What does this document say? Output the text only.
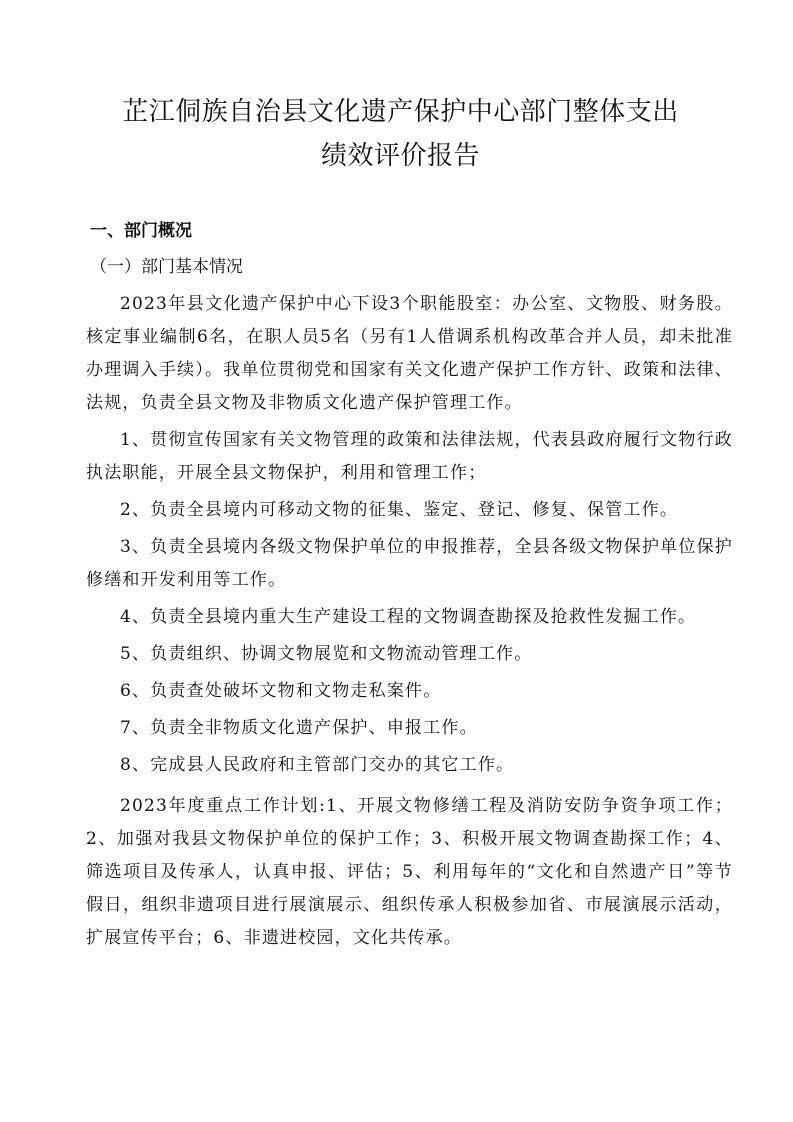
芷江侗族自治县文化遗产保护中心部门整体支出
绩效评价报告
一、部门概况
（一）部门基本情况

2023年县文化遗产保护中心下设3个职能股室：办公室、文物股、财务股。核定事业编制6名，在职人员5名（另有1人借调系机构改革合并人员，却未批准办理调入手续）。我单位贯彻党和国家有关文化遗产保护工作方针、政策和法律、法规，负责全县文物及非物质文化遗产保护管理工作。

1、贯彻宣传国家有关文物管理的政策和法律法规，代表县政府履行文物行政执法职能，开展全县文物保护，利用和管理工作；

2、负责全县境内可移动文物的征集、鉴定、登记、修复、保管工作。

3、负责全县境内各级文物保护单位的申报推荐，全县各级文物保护单位保护修缮和开发利用等工作。

4、负责全县境内重大生产建设工程的文物调查勘探及抢救性发掘工作。

5、负责组织、协调文物展览和文物流动管理工作。

6、负责查处破坏文物和文物走私案件。

7、负责全非物质文化遗产保护、申报工作。

8、完成县人民政府和主管部门交办的其它工作。

2023年度重点工作计划:1、开展文物修缮工程及消防安防争资争项工作；2、加强对我县文物保护单位的保护工作；3、积极开展文物调查勘探工作；4、筛选项目及传承人，认真申报、评估；5、利用每年的“文化和自然遗产日”等节假日，组织非遗项目进行展演展示、组织传承人积极参加省、市展演展示活动，扩展宣传平台；6、非遗进校园，文化共传承。
